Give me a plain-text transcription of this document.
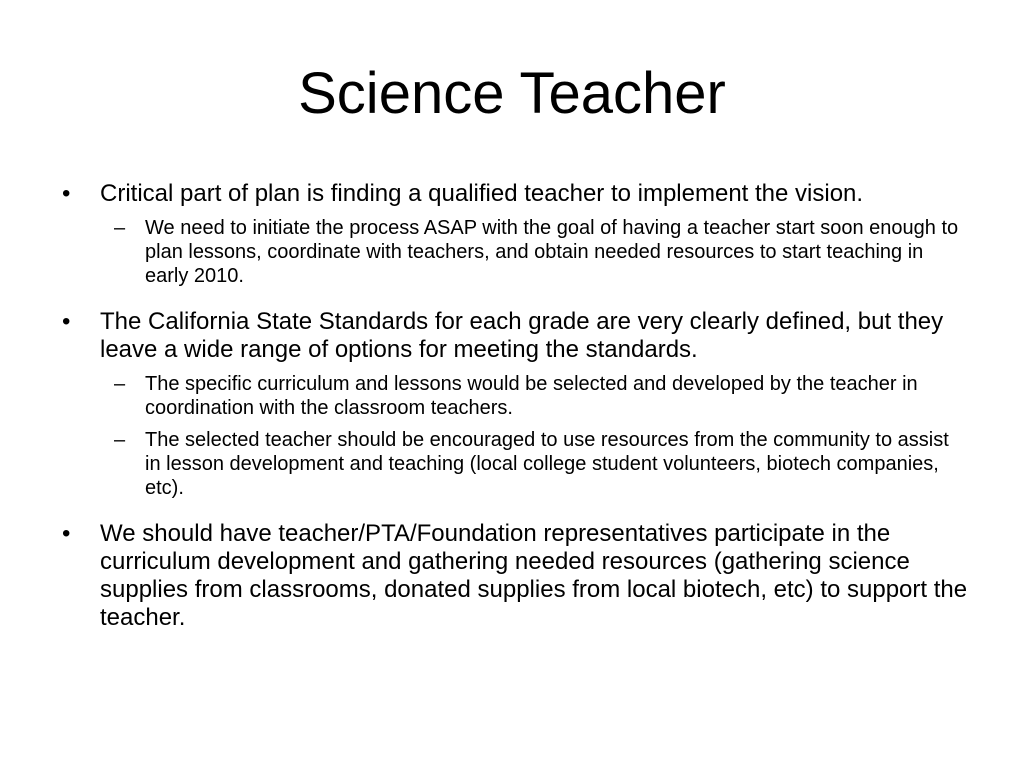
Science Teacher
• Critical part of plan is finding a qualified teacher to implement the vision.
– We need to initiate the process ASAP with the goal of having a teacher start soon enough to plan lessons, coordinate with teachers, and obtain needed resources to start teaching in early 2010.
• The California State Standards for each grade are very clearly defined, but they leave a wide range of options for meeting the standards.
– The specific curriculum and lessons would be selected and developed by the teacher in coordination with the classroom teachers.
– The selected teacher should be encouraged to use resources from the community to assist in lesson development and teaching (local college student volunteers, biotech companies, etc).
• We should have teacher/PTA/Foundation representatives participate in the curriculum development and gathering needed resources (gathering science supplies from classrooms, donated supplies from local biotech, etc) to support the teacher.
